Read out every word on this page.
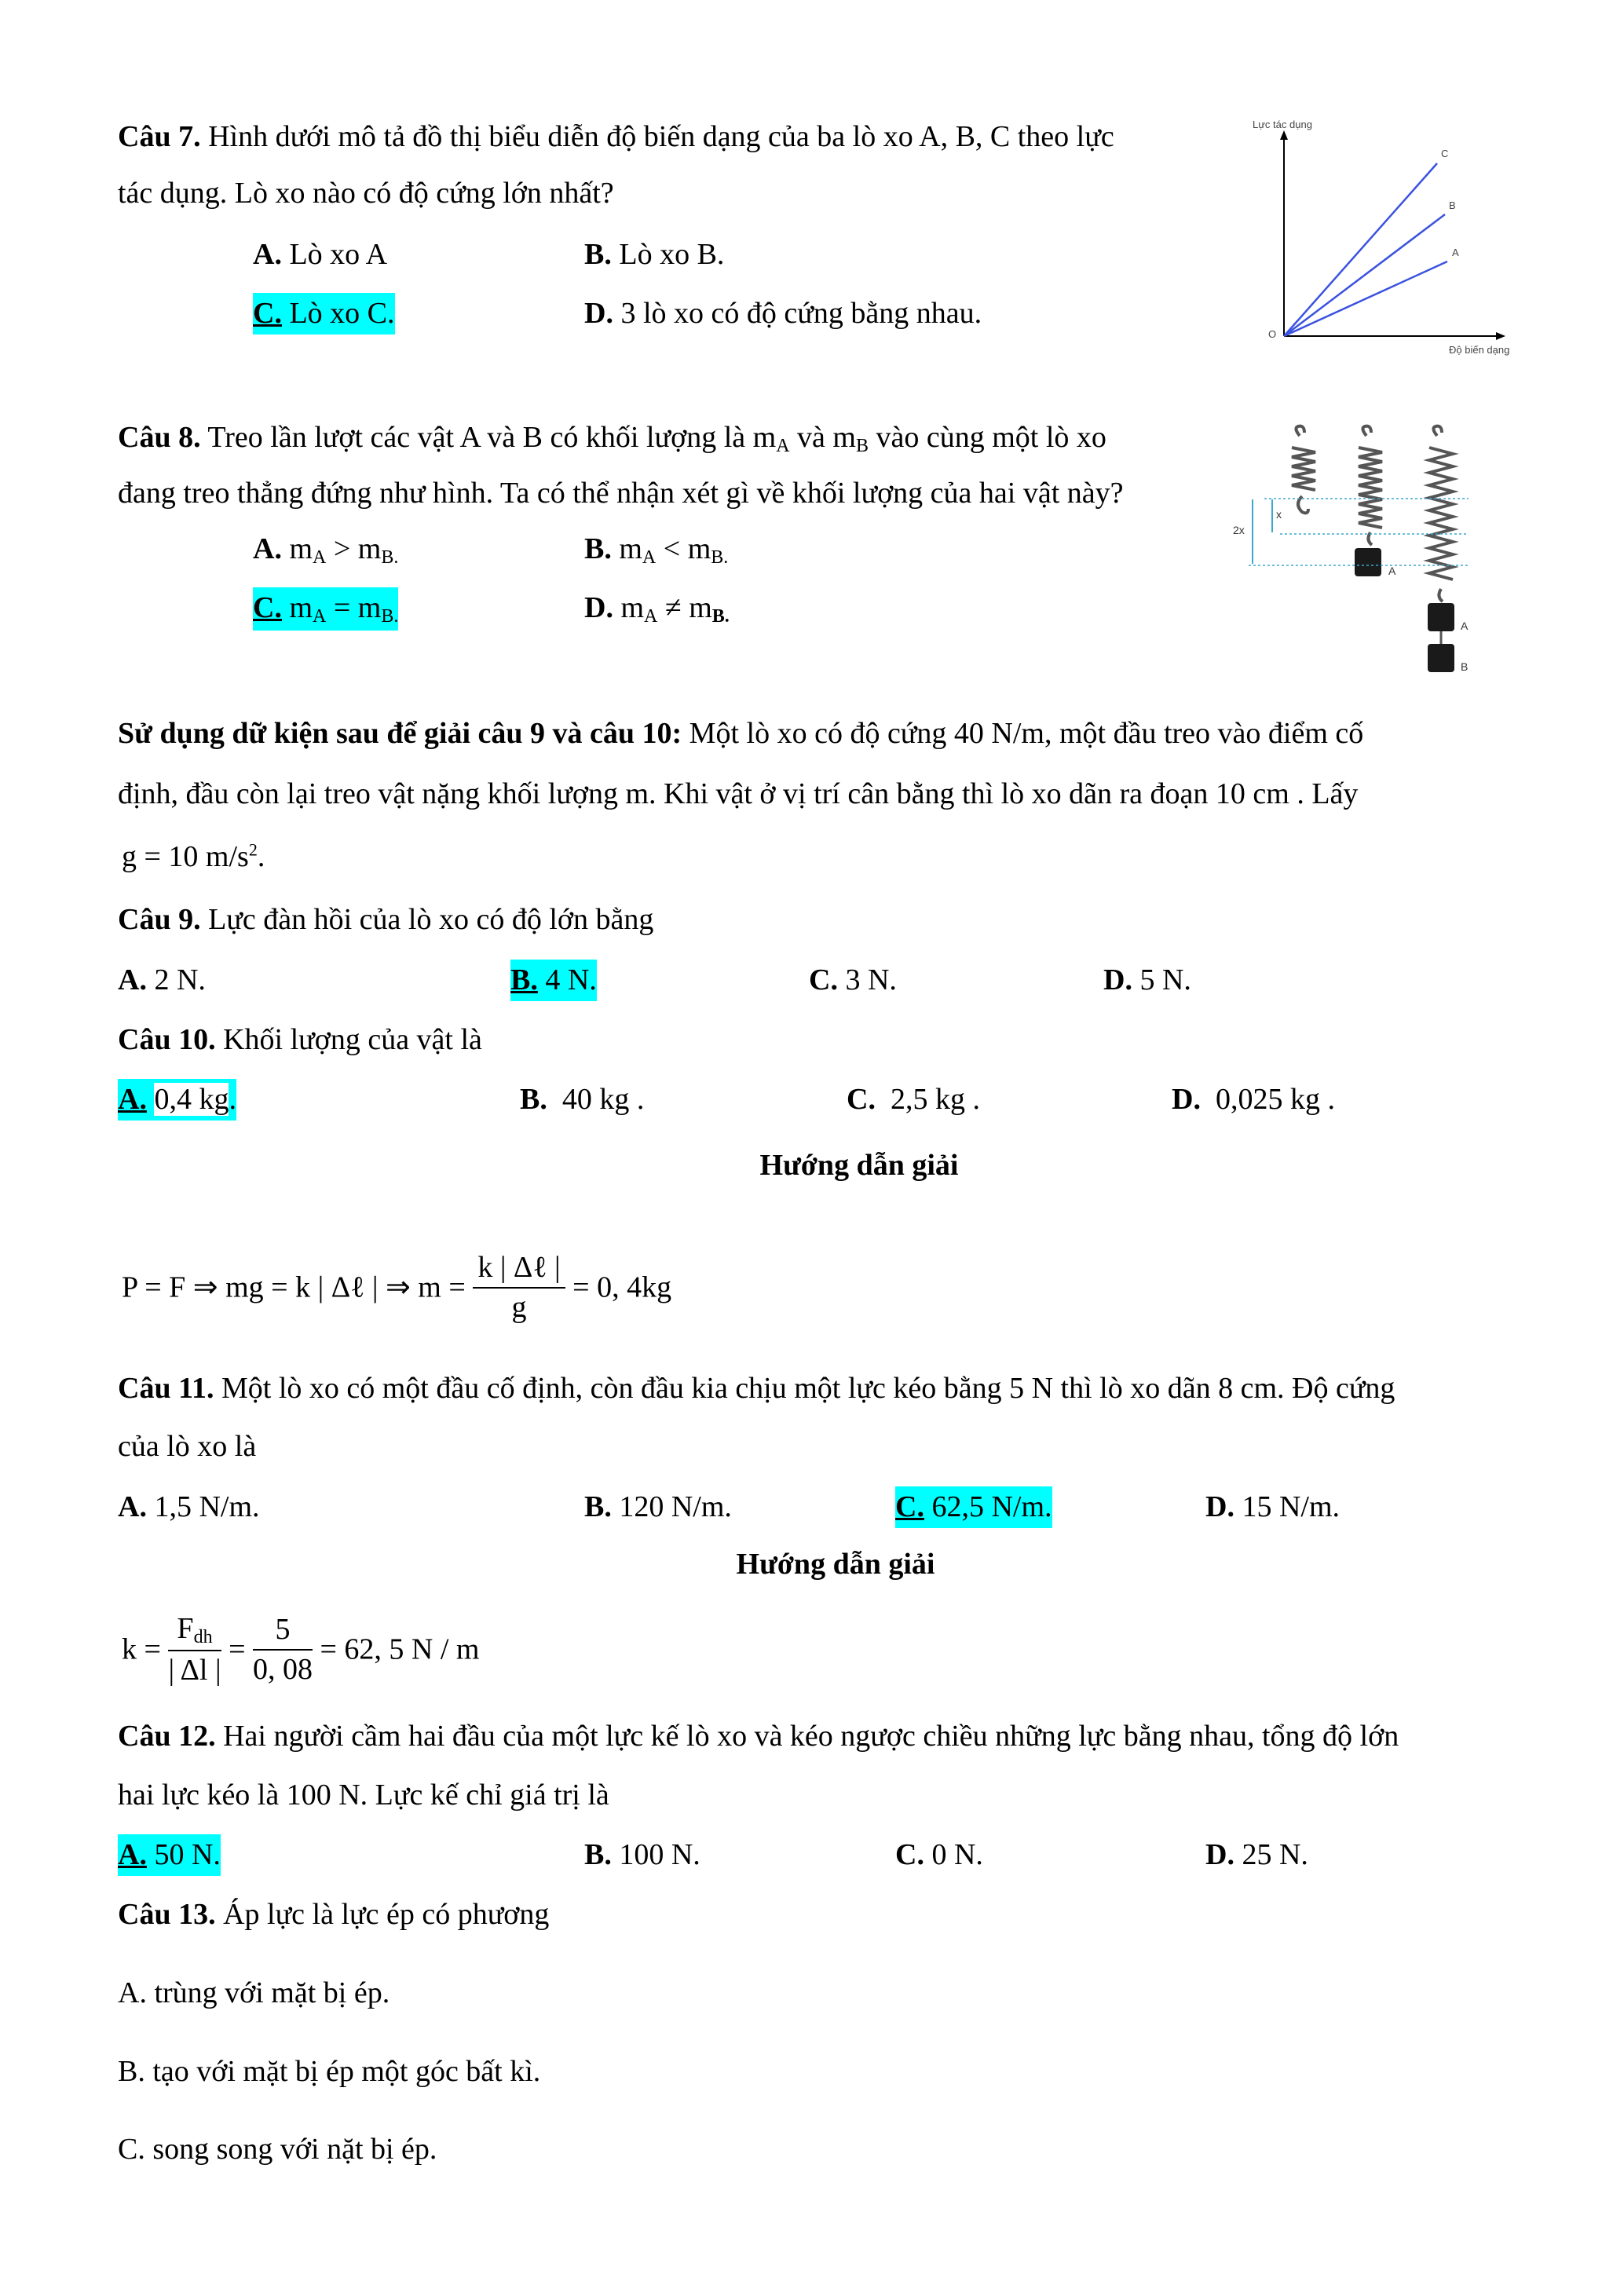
Câu 7. Hình dưới mô tả đồ thị biểu diễn độ biến dạng của ba lò xo A, B, C theo lực
tác dụng. Lò xo nào có độ cứng lớn nhất?
A. Lò xo A	B. Lò xo B.
C. Lò xo C.	D. 3 lò xo có độ cứng bằng nhau.
Lực tác dụng
Độ biến dạng
O
C
B
A
Câu 8. Treo lần lượt các vật A và B có khối lượng là $m_A$ và $m_B$ vào cùng một lò xo
đang treo thẳng đứng như hình. Ta có thể nhận xét gì về khối lượng của hai vật này?
A. $m_A > m_{B.}$	B. $m_A < m_{B.}$
C. $m_A = m_{B.}$	D. $m_A \ne m_{B.}$
A
A
B
x
2x
Sử dụng dữ kiện sau để giải câu 9 và câu 10: Một lò xo có độ cứng 40 N/m, một đầu treo vào điểm cố
định, đầu còn lại treo vật nặng khối lượng m. Khi vật ở vị trí cân bằng thì lò xo dãn ra đoạn 10 cm . Lấy
g = 10 $m/s^2$.
Câu 9. Lực đàn hồi của lò xo có độ lớn bằng
A. 2 N.	B. 4 N.	C. 3 N.	D. 5 N.
Câu 10. Khối lượng của vật là
A. 0,4 kg.	B. 40 kg .	C. 2,5 kg .	D. 0,025 kg .
Hướng dẫn giải
P = F ⇒ mg = k | Δℓ | ⇒ $m = \frac{\text{k | Δℓ |}}{g} = 0$, 4kg
Câu 11. Một lò xo có một đầu cố định, còn đầu kia chịu một lực kéo bằng 5 N thì lò xo dãn 8 cm. Độ cứng
của lò xo là
A. 1,5 N/m.	B. 120 N/m.	C. 62,5 N/m.	D. 15 N/m.
Hướng dẫn giải
$k = \frac{F_{dh}}{| \Delta l |} = \frac{5}{0, 08} = 62$, 5 N / m
Câu 12. Hai người cầm hai đầu của một lực kế lò xo và kéo ngược chiều những lực bằng nhau, tổng độ lớn
hai lực kéo là 100 N. Lực kế chỉ giá trị là
A. 50 N.	B. 100 N.	C. 0 N.	D. 25 N.
Câu 13. Áp lực là lực ép có phương
A. trùng với mặt bị ép.
B. tạo với mặt bị ép một góc bất kì.
C. song song với nặt bị ép.
